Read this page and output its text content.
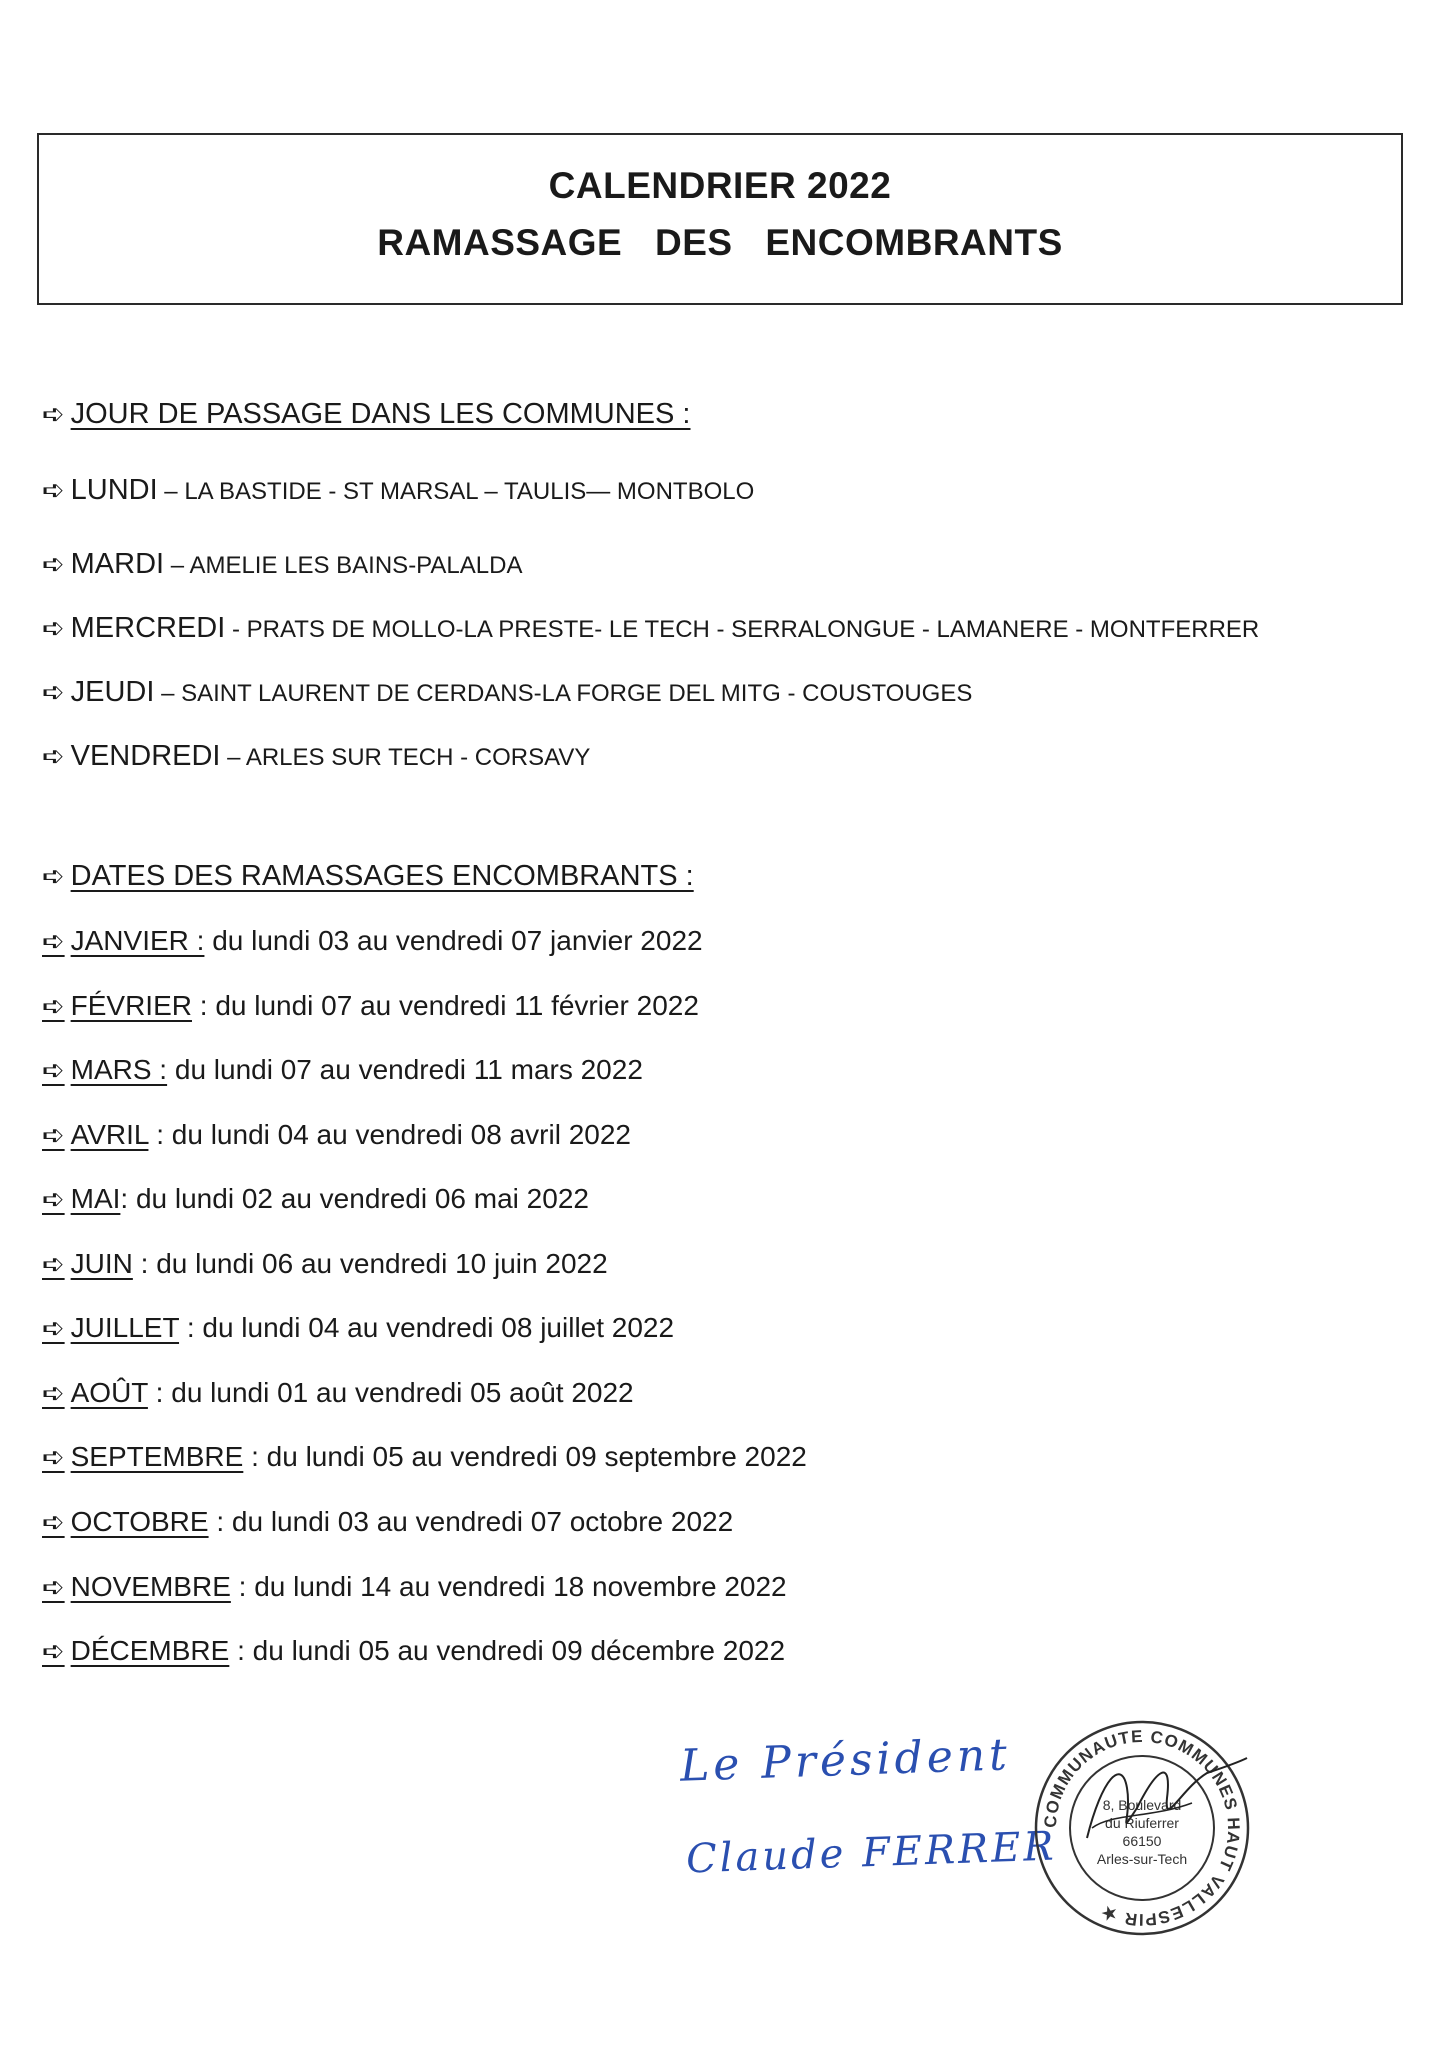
CALENDRIER 2022
RAMASSAGE DES ENCOMBRANTS
➪ JOUR DE PASSAGE DANS LES COMMUNES :
➪ LUNDI – LA BASTIDE - ST MARSAL – TAULIS— MONTBOLO
➪ MARDI – AMELIE LES BAINS-PALALDA
➪ MERCREDI - PRATS DE MOLLO-LA PRESTE- LE TECH - SERRALONGUE - LAMANERE - MONTFERRER
➪ JEUDI – SAINT LAURENT DE CERDANS-LA FORGE DEL MITG - COUSTOUGES
➪ VENDREDI – ARLES SUR TECH - CORSAVY
➪ DATES DES RAMASSAGES ENCOMBRANTS :
➪ JANVIER : du lundi 03 au vendredi 07 janvier 2022
➪ FÉVRIER : du lundi 07 au vendredi 11 février 2022
➪ MARS : du lundi 07 au vendredi 11 mars 2022
➪ AVRIL : du lundi 04 au vendredi 08 avril 2022
➪ MAI: du lundi 02 au vendredi 06 mai 2022
➪ JUIN : du lundi 06 au vendredi 10 juin 2022
➪ JUILLET : du lundi 04 au vendredi 08 juillet 2022
➪ AOÛT : du lundi 01 au vendredi 05 août 2022
➪ SEPTEMBRE : du lundi 05 au vendredi 09 septembre 2022
➪ OCTOBRE : du lundi 03 au vendredi 07 octobre 2022
➪ NOVEMBRE : du lundi 14 au vendredi 18 novembre 2022
➪ DÉCEMBRE : du lundi 05 au vendredi 09 décembre 2022
Le Président
Claude FERRER
COMMUNAUTE COMMUNES HAUT VALLESPIR ★
8, Boulevard
du Riuferrer
66150
Arles-sur-Tech
